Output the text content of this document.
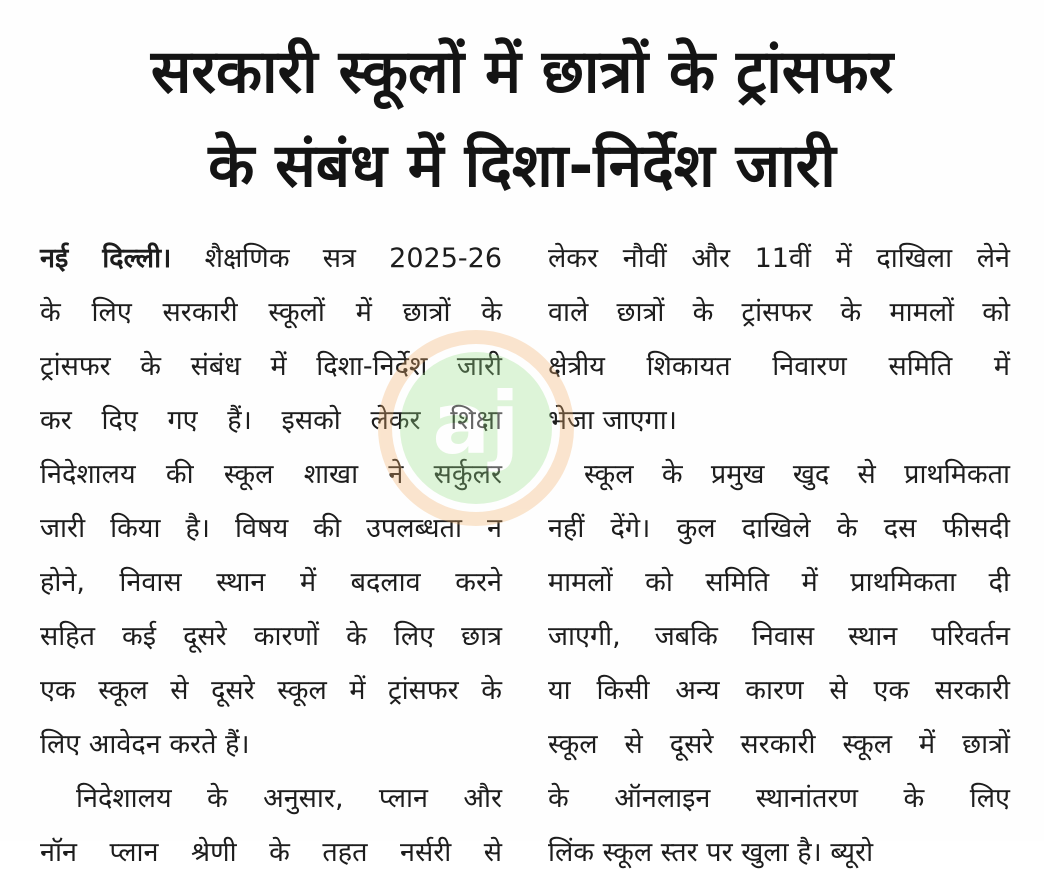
सरकारी स्कूलों में छात्रों के ट्रांसफर
के संबंध में दिशा-निर्देश जारी
नई दिल्ली। शैक्षणिक सत्र 2025-26
के लिए सरकारी स्कूलों में छात्रों के
ट्रांसफर के संबंध में दिशा-निर्देश जारी
कर दिए गए हैं। इसको लेकर शिक्षा
निदेशालय की स्कूल शाखा ने सर्कुलर
जारी किया है। विषय की उपलब्धता न
होने, निवास स्थान में बदलाव करने
सहित कई दूसरे कारणों के लिए छात्र
एक स्कूल से दूसरे स्कूल में ट्रांसफर के
लिए आवेदन करते हैं।
निदेशालय के अनुसार, प्लान और
नॉन प्लान श्रेणी के तहत नर्सरी से
लेकर नौवीं और 11वीं में दाखिला लेने
वाले छात्रों के ट्रांसफर के मामलों को
क्षेत्रीय शिकायत निवारण समिति में
भेजा जाएगा।
स्कूल के प्रमुख खुद से प्राथमिकता
नहीं देंगे। कुल दाखिले के दस फीसदी
मामलों को समिति में प्राथमिकता दी
जाएगी, जबकि निवास स्थान परिवर्तन
या किसी अन्य कारण से एक सरकारी
स्कूल से दूसरे सरकारी स्कूल में छात्रों
के ऑनलाइन स्थानांतरण के लिए
लिंक स्कूल स्तर पर खुला है। ब्यूरो
aj
